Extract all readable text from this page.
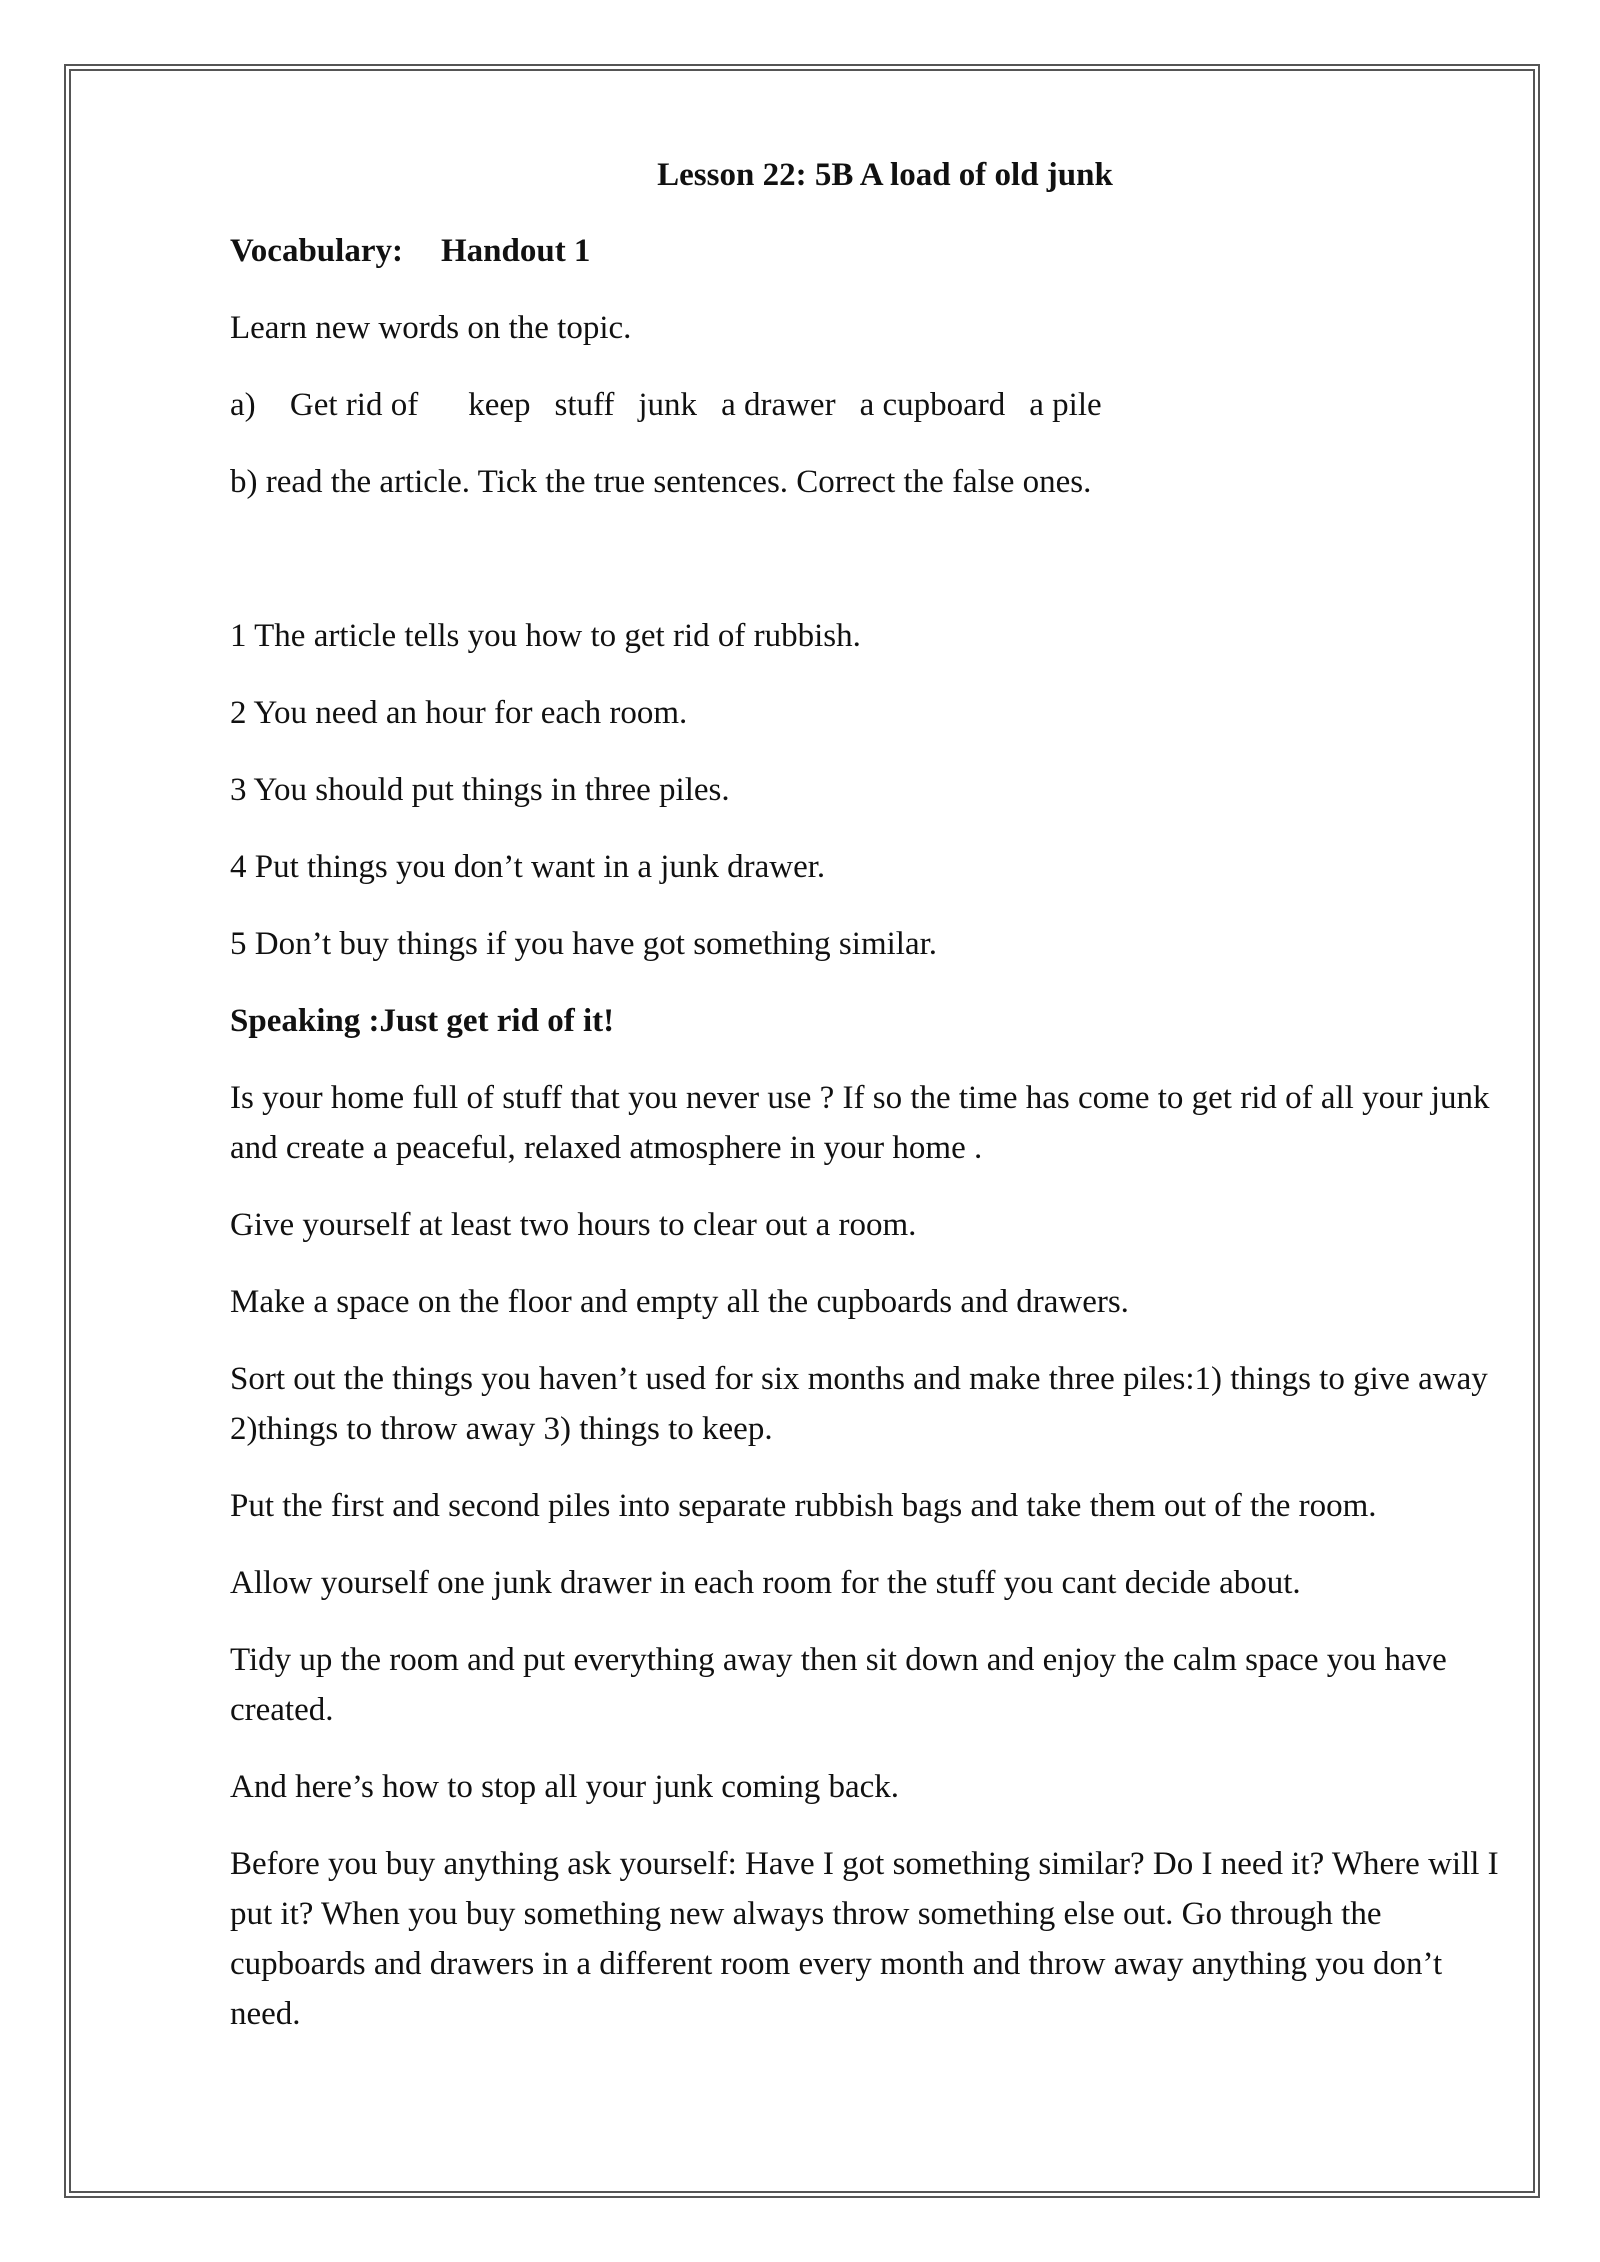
Lesson 22: 5B A load of old junk

Vocabulary: Handout 1

Learn new words on the topic.

a) Get rid of keep stuff junk a drawer a cupboard a pile

b) read the article. Tick the true sentences. Correct the false ones.

1 The article tells you how to get rid of rubbish.

2 You need an hour for each room.

3 You should put things in three piles.

4 Put things you don’t want in a junk drawer.

5 Don’t buy things if you have got something similar.

Speaking :Just get rid of it!

Is your home full of stuff that you never use ? If so the time has come to get rid of all your junk and create a peaceful, relaxed atmosphere in your home .

Give yourself at least two hours to clear out a room.

Make a space on the floor and empty all the cupboards and drawers.

Sort out the things you haven’t used for six months and make three piles:1) things to give away 2)things to throw away 3) things to keep.

Put the first and second piles into separate rubbish bags and take them out of the room.

Allow yourself one junk drawer in each room for the stuff you cant decide about.

Tidy up the room and put everything away then sit down and enjoy the calm space you have created.

And here’s how to stop all your junk coming back.

Before you buy anything ask yourself: Have I got something similar? Do I need it? Where will I put it? When you buy something new always throw something else out. Go through the cupboards and drawers in a different room every month and throw away anything you don’t need.
